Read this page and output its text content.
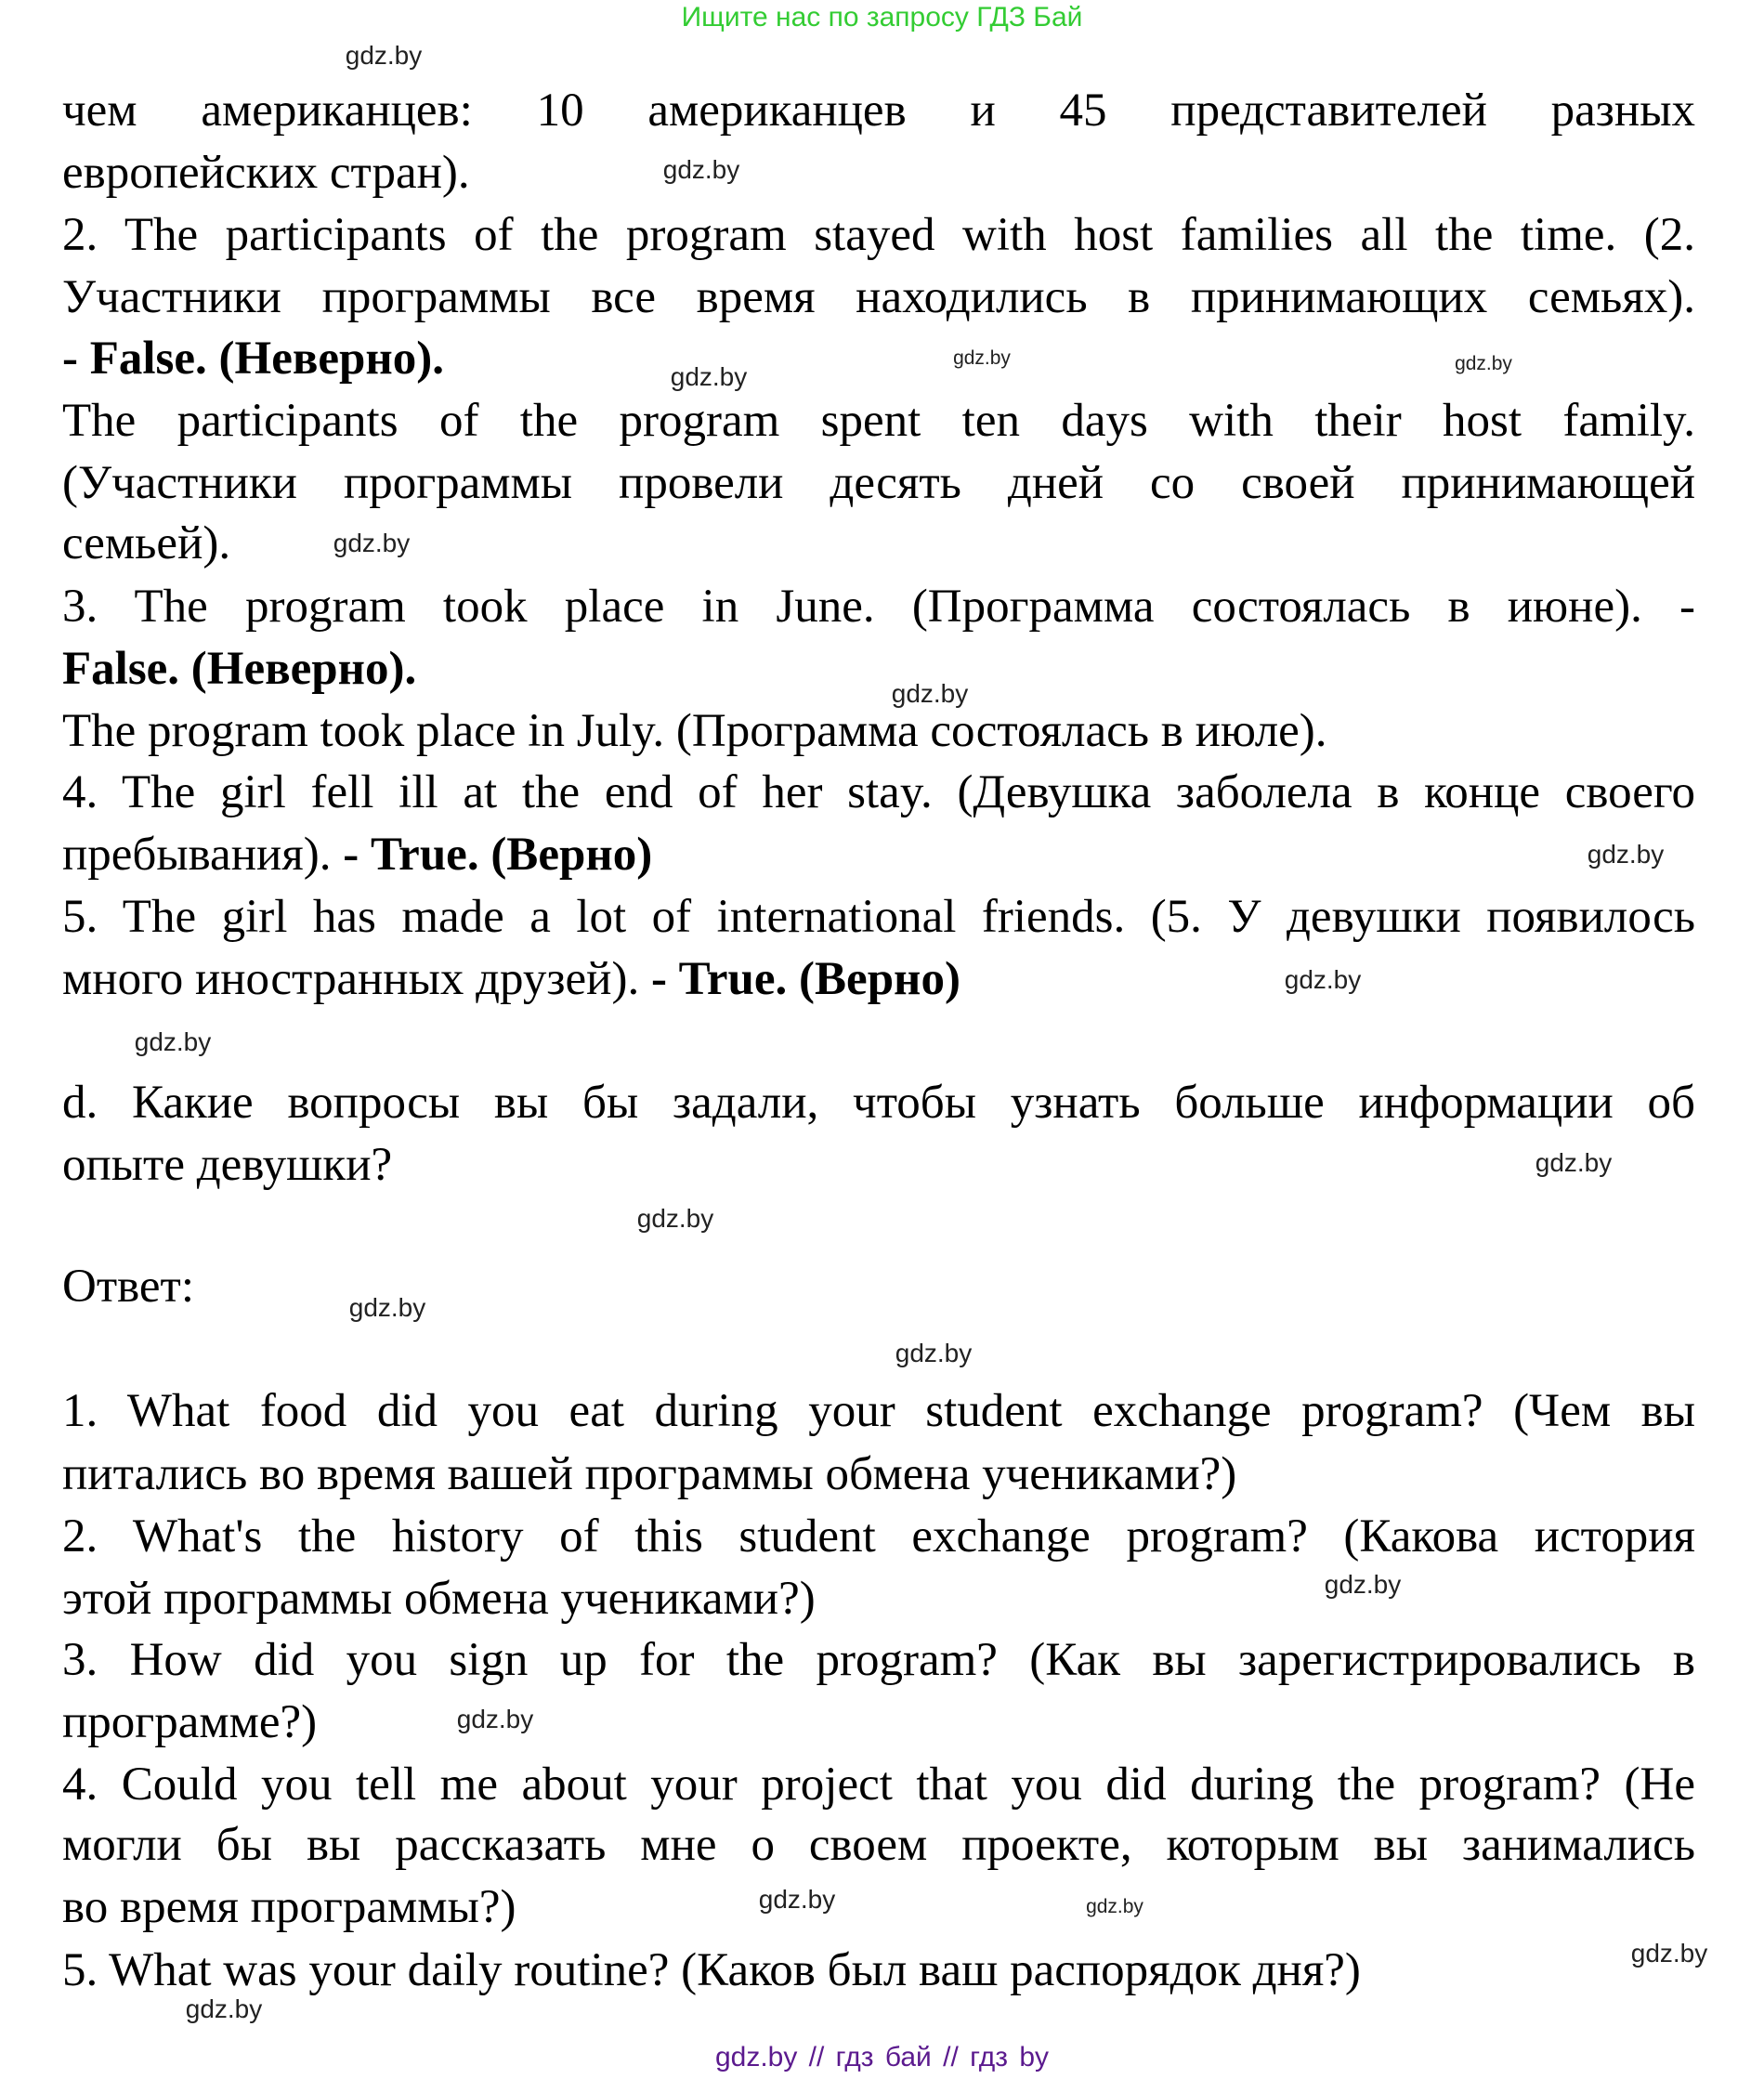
Ищите нас по запросу ГДЗ Бай
чем американцев: 10 американцев и 45 представителей разных
европейских стран).
2. The participants of the program stayed with host families all the time. (2.
Участники программы все время находились в принимающих семьях).
- False. (Неверно).
The participants of the program spent ten days with their host family.
(Участники программы провели десять дней со своей принимающей
семьей).
3. The program took place in June. (Программа состоялась в июне). -
False. (Неверно).
The program took place in July. (Программа состоялась в июле).
4. The girl fell ill at the end of her stay. (Девушка заболела в конце своего
пребывания). - True. (Верно)
5. The girl has made a lot of international friends. (5. У девушки появилось
много иностранных друзей). - True. (Верно)
d. Какие вопросы вы бы задали, чтобы узнать больше информации об
опыте девушки?
Ответ:
1. What food did you eat during your student exchange program? (Чем вы
питались во время вашей программы обмена учениками?)
2. What's the history of this student exchange program? (Какова история
этой программы обмена учениками?)
3. How did you sign up for the program? (Как вы зарегистрировались в
программе?)
4. Could you tell me about your project that you did during the program? (Не
могли бы вы рассказать мне о своем проекте, которым вы занимались
во время программы?)
5. What was your daily routine? (Каков был ваш распорядок дня?)
gdz.by // гдз бай // гдз by
gdz.by
gdz.by
gdz.by	gdz.by
gdz.by
gdz.by
gdz.by
gdz.by
gdz.by
gdz.by
gdz.by
gdz.by
gdz.by
gdz.by
gdz.by
gdz.by
gdz.by
gdz.by
gdz.by
gdz.by
